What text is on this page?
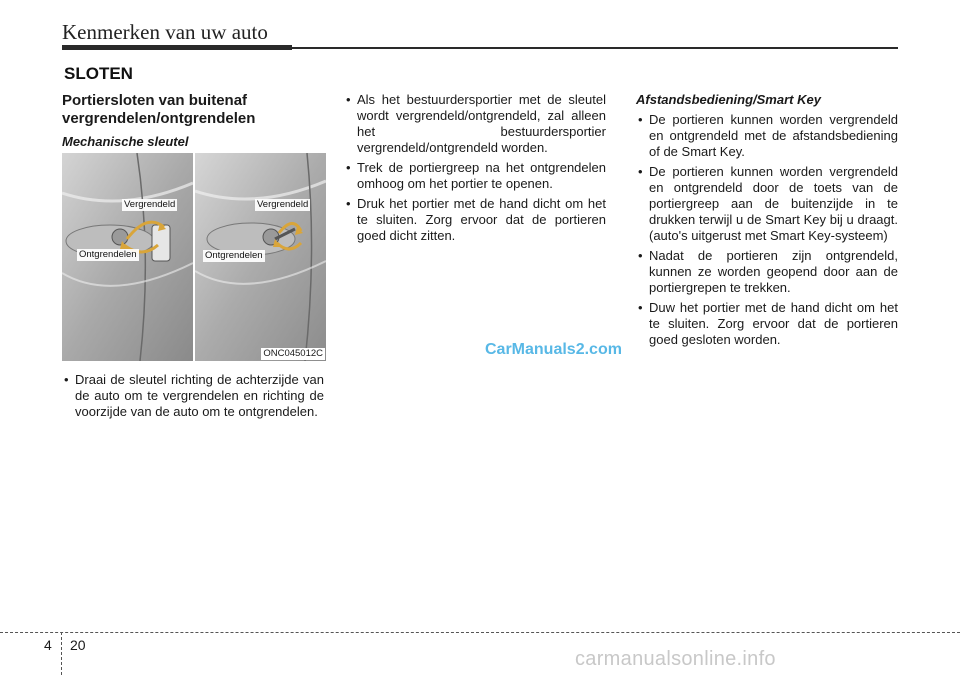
Kenmerken van uw auto
SLOTEN
Portiersloten van buitenaf vergrendelen/ontgrendelen
Mechanische sleutel
Vergrendeld
Ontgrendelen
Vergrendeld
Ontgrendelen
ONC045012C
• Draai de sleutel richting de achterzijde van de auto om te vergrendelen en richting de voorzijde van de auto om te ontgrendelen.
• Als het bestuurdersportier met de sleutel wordt vergrendeld/ontgrendeld, zal alleen het bestuurdersportier vergrendeld/ontgrendeld worden.
• Trek de portiergreep na het ontgrendelen omhoog om het portier te openen.
• Druk het portier met de hand dicht om het te sluiten. Zorg ervoor dat de portieren goed dicht zitten.
CarManuals2.com
Afstandsbediening/Smart Key
• De portieren kunnen worden vergrendeld en ontgrendeld met de afstandsbediening of de Smart Key.
• De portieren kunnen worden vergrendeld en ontgrendeld door de toets van de portiergreep aan de buitenzijde in te drukken terwijl u de Smart Key bij u draagt. (auto's uitgerust met Smart Key-systeem)
• Nadat de portieren zijn ontgrendeld, kunnen ze worden geopend door aan de portiergrepen te trekken.
• Duw het portier met de hand dicht om het te sluiten. Zorg ervoor dat de portieren goed gesloten worden.
4 20
carmanualsonline.info
